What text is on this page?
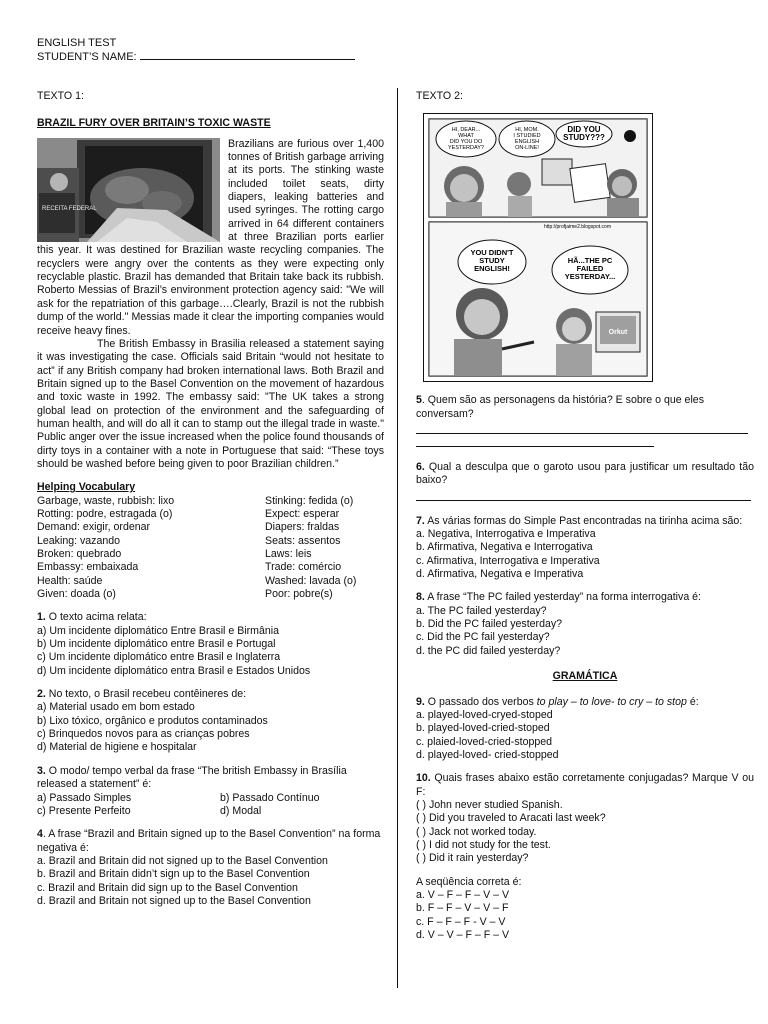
ENGLISH TEST
STUDENT’S NAME:

TEXTO 1:

BRAZIL FURY OVER BRITAIN’S TOXIC WASTE

RECEITA FEDERAL

Brazilians are furious over 1,400 tonnes of British garbage arriving at its ports. The stinking waste included toilet seats, dirty diapers, leaking batteries and used syringes. The rotting cargo arrived in 64 different containers at three Brazilian ports earlier this year. It was destined for Brazilian waste recycling companies. The recyclers were angry over the contents as they were expecting only recyclable plastic. Brazil has demanded that Britain take back its rubbish. Roberto Messias of Brazil’s environment protection agency said: "We will ask for the repatriation of this garbage….Clearly, Brazil is not the rubbish dump of the world." Messias made it clear the importing companies would receive heavy fines.

The British Embassy in Brasilia released a statement saying it was investigating the case. Officials said Britain “would not hesitate to act” if any British company had broken international laws. Both Brazil and Britain signed up to the Basel Convention on the movement of hazardous and toxic waste in 1992. The embassy said: "The UK takes a strong global lead on protection of the environment and the safeguarding of human health, and will do all it can to stamp out the illegal trade in waste." Public anger over the issue increased when the police found thousands of dirty toys in a container with a note in Portuguese that said: “These toys should be washed before being given to poor Brazilian children.”

Helping Vocabulary

Garbage, waste, rubbish: lixo	Stinking: fedida (o)
Rotting: podre, estragada (o)	Expect: esperar
Demand: exigir, ordenar	Diapers: fraldas
Leaking: vazando	Seats: assentos
Broken: quebrado	Laws: leis
Embassy: embaixada	Trade: comércio
Health: saúde	Washed: lavada (o)
Given: doada (o)	Poor: pobre(s)

1. O texto acima relata:

a) Um incidente diplomático Entre Brasil e Birmânia

b) Um incidente diplomático entre Brasil e Portugal

c) Um incidente diplomático entre Brasil e Inglaterra

d) Um incidente diplomático entra Brasil e Estados Unidos

2. No texto, o Brasil recebeu contêineres de:

a) Material usado em bom estado

b) Lixo tóxico, orgânico e produtos contaminados

c) Brinquedos novos para as crianças pobres

d) Material de higiene e hospitalar

3. O modo/ tempo verbal da frase “The british Embassy in Brasília released a statement” é:

a) Passado Simples	b) Passado Contínuo
c) Presente Perfeito	d) Modal

4. A frase “Brazil and Britain signed up to the Basel Convention” na forma negativa é:

a. Brazil and Britain did not signed up to the Basel Convention

b. Brazil and Britain didn’t sign up to the Basel Convention

c. Brazil and Britain did sign up to the Basel Convention

d. Brazil and Britain not signed up to the Basel Convention

TEXTO 2:

HI, DEAR... WHAT DID YOU DO YESTERDAY?
HI, MOM. I STUDIED ENGLISH ON-LINE!
DID YOU STUDY???
http://profjaime2.blogspot.com
Orkut
YOU DIDN'T STUDY ENGLISH!
HÃ...THE PC FAILED YESTERDAY...

5. Quem são as personagens da história? E sobre o que eles conversam?

6. Qual a desculpa que o garoto usou para justificar um resultado tão baixo?

7. As várias formas do Simple Past encontradas na tirinha acima são:

a. Negativa, Interrogativa e Imperativa

b. Afirmativa, Negativa e Interrogativa

c. Afirmativa, Interrogativa e Imperativa

d. Afirmativa, Negativa e Imperativa

8. A frase “The PC failed yesterday” na forma interrogativa é:

a. The PC failed yesterday?

b. Did the PC failed yesterday?

c. Did the PC fail yesterday?

d. the PC did failed yesterday?

GRAMÁTICA

9. O passado dos verbos to play – to love- to cry – to stop é:

a. played-loved-cryed-stoped

b. played-loved-cried-stoped

c. plaied-loved-cried-stopped

d. played-loved- cried-stopped

10. Quais frases abaixo estão corretamente conjugadas? Marque V ou F:

( ) John never studied Spanish.

( ) Did you traveled to Aracati last week?

( ) Jack not worked today.

( ) I did not study for the test.

( ) Did it rain yesterday?

A seqüência correta é:

a. V – F – F – V – V

b. F – F – V – V – F

c. F – F – F - V – V

d. V – V – F – F – V
